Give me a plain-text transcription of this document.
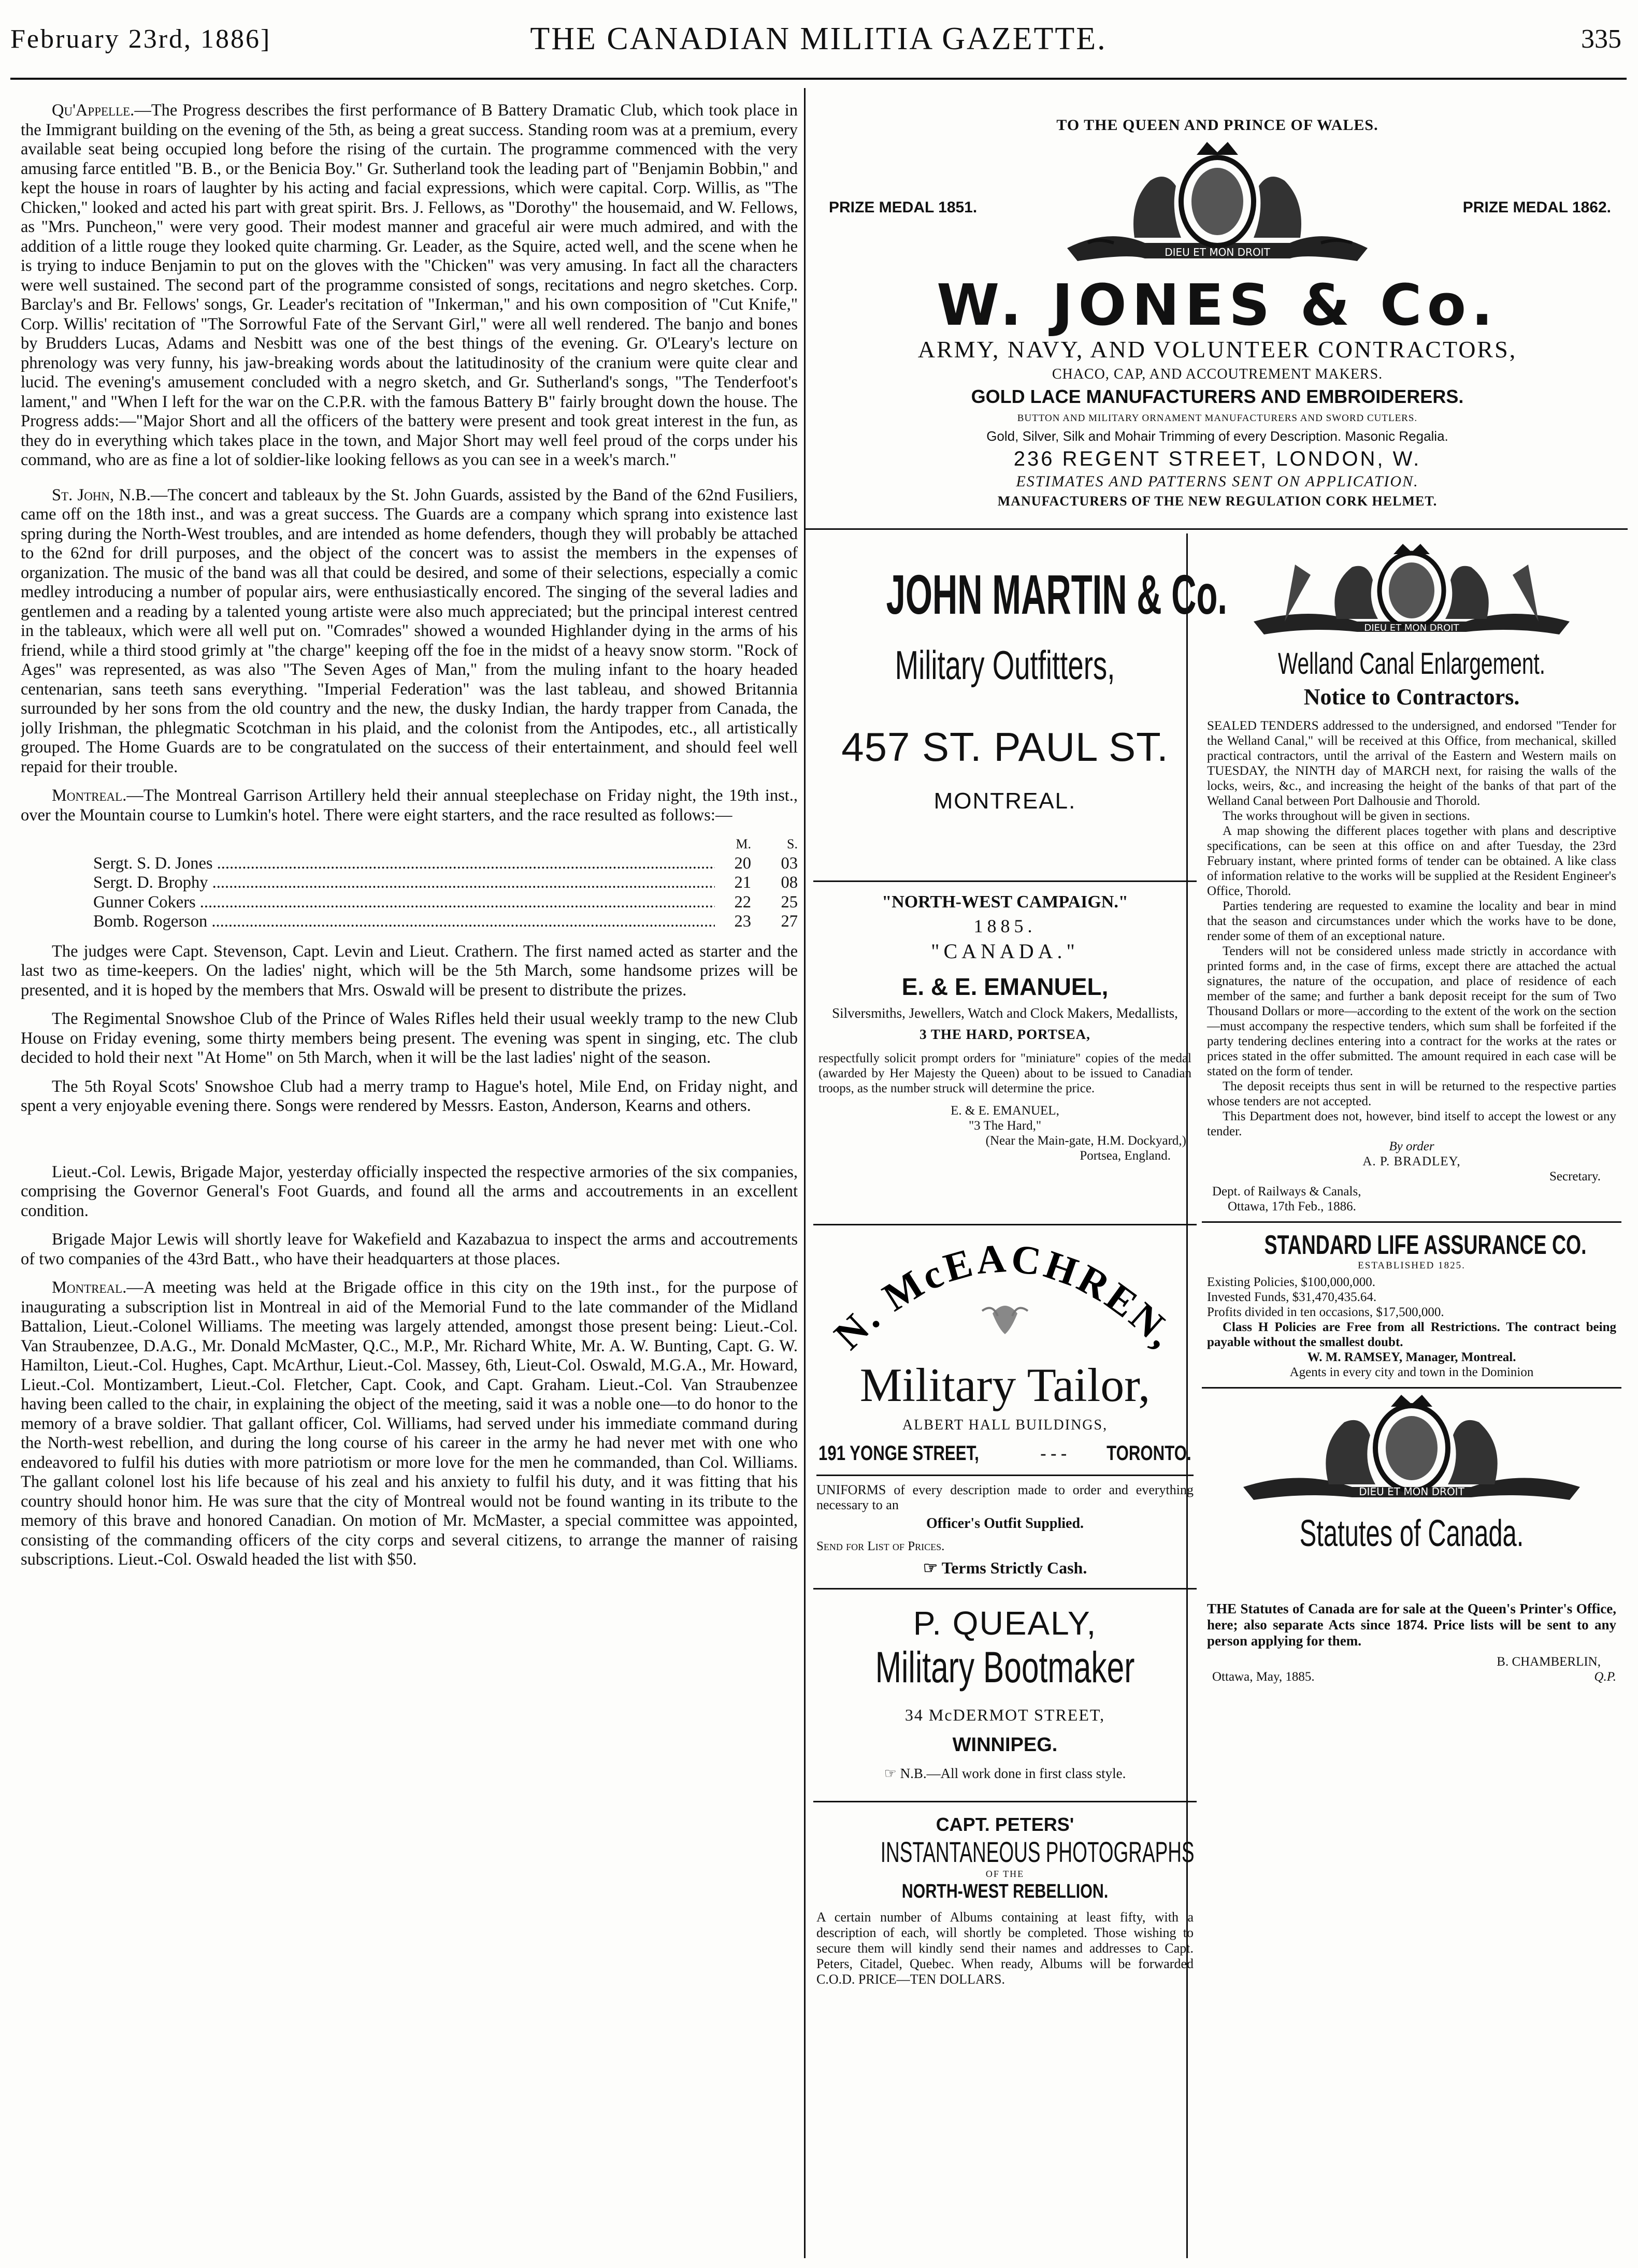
February 23rd, 1886]	THE CANADIAN MILITIA GAZETTE.	335

Qu'Appelle.—The Progress describes the first performance of B Battery Dramatic Club, which took place in the Immigrant building on the evening of the 5th, as being a great success. Standing room was at a premium, every available seat being occupied long before the rising of the curtain. The programme commenced with the very amusing farce entitled "B. B., or the Benicia Boy." Gr. Sutherland took the leading part of "Benjamin Bobbin," and kept the house in roars of laughter by his acting and facial expressions, which were capital. Corp. Willis, as "The Chicken," looked and acted his part with great spirit. Brs. J. Fellows, as "Dorothy" the housemaid, and W. Fellows, as "Mrs. Puncheon," were very good. Their modest manner and graceful air were much admired, and with the addition of a little rouge they looked quite charming. Gr. Leader, as the Squire, acted well, and the scene when he is trying to induce Benjamin to put on the gloves with the "Chicken" was very amusing. In fact all the characters were well sustained. The second part of the programme consisted of songs, recitations and negro sketches. Corp. Barclay's and Br. Fellows' songs, Gr. Leader's recitation of "Inkerman," and his own composition of "Cut Knife," Corp. Willis' recitation of "The Sorrowful Fate of the Servant Girl," were all well rendered. The banjo and bones by Brudders Lucas, Adams and Nesbitt was one of the best things of the evening. Gr. O'Leary's lecture on phrenology was very funny, his jaw-breaking words about the latitudinosity of the cranium were quite clear and lucid. The evening's amusement concluded with a negro sketch, and Gr. Sutherland's songs, "The Tenderfoot's lament," and "When I left for the war on the C.P.R. with the famous Battery B" fairly brought down the house. The Progress adds:—"Major Short and all the officers of the battery were present and took great interest in the fun, as they do in everything which takes place in the town, and Major Short may well feel proud of the corps under his command, who are as fine a lot of soldier-like looking fellows as you can see in a week's march."

St. John, N.B.—The concert and tableaux by the St. John Guards, assisted by the Band of the 62nd Fusiliers, came off on the 18th inst., and was a great success. The Guards are a company which sprang into existence last spring during the North-West troubles, and are intended as home defenders, though they will probably be attached to the 62nd for drill purposes, and the object of the concert was to assist the members in the expenses of organization. The music of the band was all that could be desired, and some of their selections, especially a comic medley introducing a number of popular airs, were enthusiastically encored. The singing of the several ladies and gentlemen and a reading by a talented young artiste were also much appreciated; but the principal interest centred in the tableaux, which were all well put on. "Comrades" showed a wounded Highlander dying in the arms of his friend, while a third stood grimly at "the charge" keeping off the foe in the midst of a heavy snow storm. "Rock of Ages" was represented, as was also "The Seven Ages of Man," from the muling infant to the hoary headed centenarian, sans teeth sans everything. "Imperial Federation" was the last tableau, and showed Britannia surrounded by her sons from the old country and the new, the dusky Indian, the hardy trapper from Canada, the jolly Irishman, the phlegmatic Scotchman in his plaid, and the colonist from the Antipodes, etc., all artistically grouped. The Home Guards are to be congratulated on the success of their entertainment, and should feel well repaid for their trouble.

Montreal.—The Montreal Garrison Artillery held their annual steeplechase on Friday night, the 19th inst., over the Mountain course to Lumkin's hotel. There were eight starters, and the race resulted as follows:—

M.	S.
Sergt. S. D. Jones .....	20	03
Sergt. D. Brophy .....	21	08
Gunner Cokers .....	22	25
Bomb. Rogerson .....	23	27

The judges were Capt. Stevenson, Capt. Levin and Lieut. Crathern. The first named acted as starter and the last two as time-keepers. On the ladies' night, which will be the 5th March, some handsome prizes will be presented, and it is hoped by the members that Mrs. Oswald will be present to distribute the prizes.

The Regimental Snowshoe Club of the Prince of Wales Rifles held their usual weekly tramp to the new Club House on Friday evening, some thirty members being present. The evening was spent in singing, etc. The club decided to hold their next "At Home" on 5th March, when it will be the last ladies' night of the season.

The 5th Royal Scots' Snowshoe Club had a merry tramp to Hague's hotel, Mile End, on Friday night, and spent a very enjoyable evening there. Songs were rendered by Messrs. Easton, Anderson, Kearns and others.

Lieut.-Col. Lewis, Brigade Major, yesterday officially inspected the respective armories of the six companies, comprising the Governor General's Foot Guards, and found all the arms and accoutrements in an excellent condition.

Brigade Major Lewis will shortly leave for Wakefield and Kazabazua to inspect the arms and accoutrements of two companies of the 43rd Batt., who have their headquarters at those places.

Montreal.—A meeting was held at the Brigade office in this city on the 19th inst., for the purpose of inaugurating a subscription list in Montreal in aid of the Memorial Fund to the late commander of the Midland Battalion, Lieut.-Colonel Williams. The meeting was largely attended, amongst those present being: Lieut.-Col. Van Straubenzee, D.A.G., Mr. Donald McMaster, Q.C., M.P., Mr. Richard White, Mr. A. W. Bunting, Capt. G. W. Hamilton, Lieut.-Col. Hughes, Capt. McArthur, Lieut.-Col. Massey, 6th, Lieut-Col. Oswald, M.G.A., Mr. Howard, Lieut.-Col. Montizambert, Lieut.-Col. Fletcher, Capt. Cook, and Capt. Graham. Lieut.-Col. Van Straubenzee having been called to the chair, in explaining the object of the meeting, said it was a noble one—to do honor to the memory of a brave soldier. That gallant officer, Col. Williams, had served under his immediate command during the North-west rebellion, and during the long course of his career in the army he had never met with one who endeavored to fulfil his duties with more patriotism or more love for the men he commanded, than Col. Williams. The gallant colonel lost his life because of his zeal and his anxiety to fulfil his duty, and it was fitting that his country should honor him. He was sure that the city of Montreal would not be found wanting in its tribute to the memory of this brave and honored Canadian. On motion of Mr. McMaster, a special committee was appointed, consisting of the commanding officers of the city corps and several citizens, to arrange the manner of raising subscriptions. Lieut.-Col. Oswald headed the list with $50.

TO THE QUEEN AND PRINCE OF WALES.
PRIZE MEDAL 1851.	PRIZE MEDAL 1862.
DIEU ET MON DROIT
W. JONES & Co.
ARMY, NAVY, AND VOLUNTEER CONTRACTORS,
CHACO, CAP, AND ACCOUTREMENT MAKERS.
GOLD LACE MANUFACTURERS AND EMBROIDERERS.
BUTTON AND MILITARY ORNAMENT MANUFACTURERS AND SWORD CUTLERS.
Gold, Silver, Silk and Mohair Trimming of every Description. Masonic Regalia.
236 REGENT STREET, LONDON, W.
ESTIMATES AND PATTERNS SENT ON APPLICATION.
MANUFACTURERS OF THE NEW REGULATION CORK HELMET.
JOHN MARTIN & Co.
Military Outfitters,
457 ST. PAUL ST.
MONTREAL.
"NORTH-WEST CAMPAIGN."
1885.
"CANADA."
E. & E. EMANUEL,
Silversmiths, Jewellers, Watch and Clock Makers, Medallists,
3 THE HARD, PORTSEA,
respectfully solicit prompt orders for "miniature" copies of the medal (awarded by Her Majesty the Queen) about to be issued to Canadian troops, as the number struck will determine the price.
E. & E. EMANUEL,
"3 The Hard,"
(Near the Main-gate, H.M. Dockyard,)
Portsea, England.
N. McEACHREN,
Military Tailor,
ALBERT HALL BUILDINGS,
191 YONGE STREET,	- - - TORONTO.
UNIFORMS of every description made to order and everything necessary to an
Officer's Outfit Supplied.
Send for List of Prices.
☞ Terms Strictly Cash.
P. QUEALY,
Military Bootmaker
34 McDERMOT STREET,
WINNIPEG.
☞ N.B.—All work done in first class style.
CAPT. PETERS'
INSTANTANEOUS PHOTOGRAPHS
OF THE
NORTH-WEST REBELLION.
A certain number of Albums containing at least fifty, with a description of each, will shortly be completed. Those wishing to secure them will kindly send their names and addresses to Capt. Peters, Citadel, Quebec. When ready, Albums will be forwarded C.O.D. PRICE—TEN DOLLARS.
DIEU ET MON DROIT
Welland Canal Enlargement.
Notice to Contractors.

SEALED TENDERS addressed to the undersigned, and endorsed "Tender for the Welland Canal," will be received at this Office, from mechanical, skilled practical contractors, until the arrival of the Eastern and Western mails on TUESDAY, the NINTH day of MARCH next, for raising the walls of the locks, weirs, &c., and increasing the height of the banks of that part of the Welland Canal between Port Dalhousie and Thorold.

The works throughout will be given in sections.

A map showing the different places together with plans and descriptive specifications, can be seen at this office on and after Tuesday, the 23rd February instant, where printed forms of tender can be obtained. A like class of information relative to the works will be supplied at the Resident Engineer's Office, Thorold.

Parties tendering are requested to examine the locality and bear in mind that the season and circumstances under which the works have to be done, render some of them of an exceptional nature.

Tenders will not be considered unless made strictly in accordance with printed forms and, in the case of firms, except there are attached the actual signatures, the nature of the occupation, and place of residence of each member of the same; and further a bank deposit receipt for the sum of Two Thousand Dollars or more—according to the extent of the work on the section—must accompany the respective tenders, which sum shall be forfeited if the party tendering declines entering into a contract for the works at the rates or prices stated in the offer submitted. The amount required in each case will be stated on the form of tender.

The deposit receipts thus sent in will be returned to the respective parties whose tenders are not accepted.

This Department does not, however, bind itself to accept the lowest or any tender.

By order
A. P. BRADLEY,
Secretary.
Dept. of Railways & Canals,
Ottawa, 17th Feb., 1886.
STANDARD LIFE ASSURANCE CO.
ESTABLISHED 1825.
Existing Policies, $100,000,000.
Invested Funds, $31,470,435.64.
Profits divided in ten occasions, $17,500,000.
Class H Policies are Free from all Restrictions. The contract being payable without the smallest doubt.
W. M. RAMSEY, Manager, Montreal.
Agents in every city and town in the Dominion
DIEU ET MON DROIT
Statutes of Canada.
THE Statutes of Canada are for sale at the Queen's Printer's Office, here; also separate Acts since 1874. Price lists will be sent to any person applying for them.
B. CHAMBERLIN,
Ottawa, May, 1885.	Q.P.
